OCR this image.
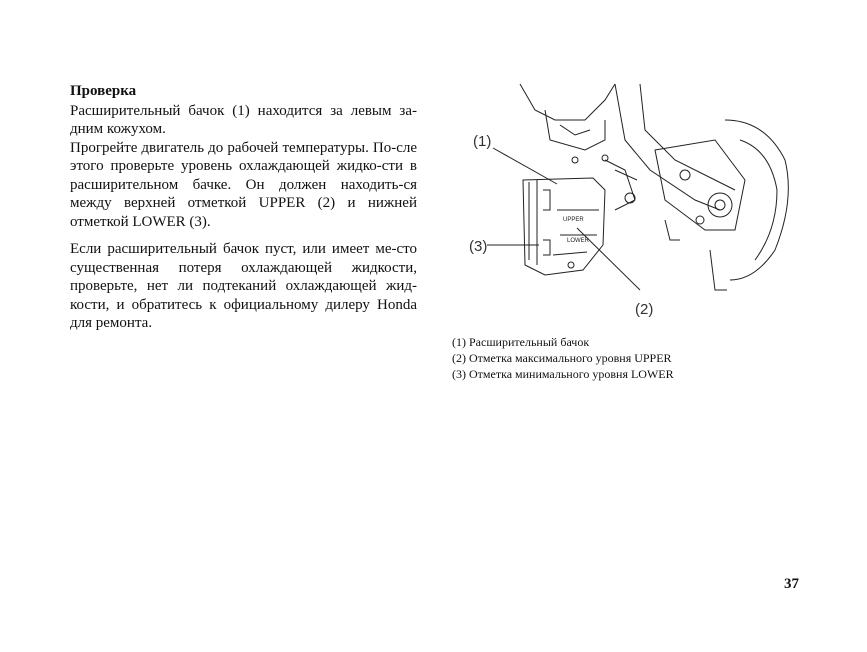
Проверка

Расширительный бачок (1) находится за левым за-дним кожухом.

Прогрейте двигатель до рабочей температуры. По-сле этого проверьте уровень охлаждающей жидко-сти в расширительном бачке. Он должен находить-ся между верхней отметкой UPPER (2) и нижней отметкой LOWER (3).

Если расширительный бачок пуст, или имеет ме-сто существенная потеря охлаждающей жидкости, проверьте, нет ли подтеканий охлаждающей жид-кости, и обратитесь к официальному дилеру Honda для ремонта.

UPPER
LOWER
(1)
(3)
(2)
(1) Расширительный бачок
(2) Отметка максимального уровня UPPER
(3) Отметка минимального уровня LOWER
37
